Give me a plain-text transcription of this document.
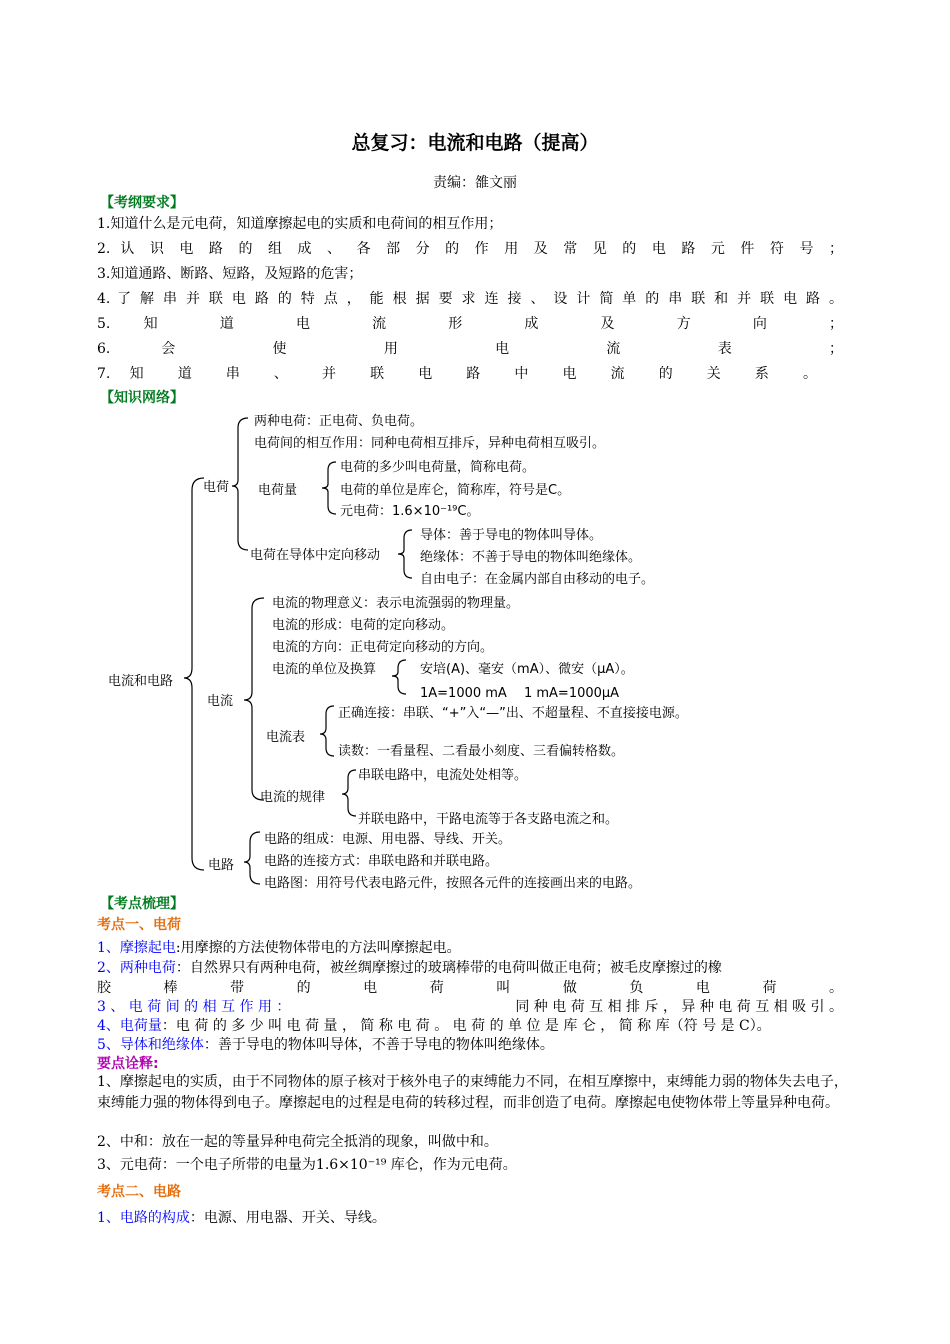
总复习：电流和电路（提高）
责编：雒文丽
【考纲要求】
1.知道什么是元电荷，知道摩擦起电的实质和电荷间的相互作用；
2. 认 识 电 路 的 组 成 、 各 部 分 的 作 用 及 常 见 的 电 路 元 件 符 号 ；
3.知道通路、断路、短路，及短路的危害；
4. 了 解 串 并 联 电 路 的 特 点 ， 能 根 据 要 求 连 接 、 设 计 简 单 的 串 联 和 并 联 电 路 。
5. 知 道 电 流 形 成 及 方 向 ；
6. 会 使 用 电 流 表 ；
7. 知 道 串 、 并 联 电 路 中 电 流 的 关 系 。
【知识网络】
电流和电路
电荷
两种电荷：正电荷、负电荷。
电荷间的相互作用：同种电荷相互排斥，异种电荷相互吸引。
电荷量
电荷的多少叫电荷量，简称电荷。
电荷的单位是库仑，简称库，符号是C。
元电荷：1.6×10⁻¹⁹C。
电荷在导体中定向移动
导体：善于导电的物体叫导体。
绝缘体：不善于导电的物体叫绝缘体。
自由电子：在金属内部自由移动的电子。
电流
电流的物理意义：表示电流强弱的物理量。
电流的形成：电荷的定向移动。
电流的方向：正电荷定向移动的方向。
电流的单位及换算	安培(A)、毫安（mA）、微安（μA）。
1A=1000 mA　 1 mA=1000μA
电流表
正确连接：串联、“+”入“—”出、不超量程、不直接接电源。
读数：一看量程、二看最小刻度、三看偏转格数。
电流的规律
串联电路中，电流处处相等。
并联电路中，干路电流等于各支路电流之和。
电路
电路的组成：电源、用电器、导线、开关。
电路的连接方式：串联电路和并联电路。
电路图：用符号代表电路元件，按照各元件的连接画出来的电路。
【考点梳理】
考点一、电荷
1、摩擦起电:用摩擦的方法使物体带电的方法叫摩擦起电。
2、两种电荷：自然界只有两种电荷，被丝绸摩擦过的玻璃棒带的电荷叫做正电荷；被毛皮摩擦过的橡
胶 棒 带 的 电 荷 叫 做 负 电 荷 。
3 、 电 荷 间 的 相 互 作 用 ：	同 种 电 荷 互 相 排 斥 ， 异 种 电 荷 互 相 吸 引 。
4、电荷量：电 荷 的 多 少 叫 电 荷 量 ， 简 称 电 荷 。 电 荷 的 单 位 是 库 仑 ， 简 称 库（符 号 是 C）。
5、导体和绝缘体：善于导电的物体叫导体，不善于导电的物体叫绝缘体。
要点诠释:
1、摩擦起电的实质，由于不同物体的原子核对于核外电子的束缚能力不同，在相互摩擦中，束缚能力弱的物体失去电子，束缚能力强的物体得到电子。摩擦起电的过程是电荷的转移过程，而非创造了电荷。摩擦起电使物体带上等量异种电荷。
2、中和：放在一起的等量异种电荷完全抵消的现象，叫做中和。
3、元电荷：一个电子所带的电量为1.6×10⁻¹⁹ 库仑，作为元电荷。
考点二、电路
1、电路的构成：电源、用电器、开关、导线。
